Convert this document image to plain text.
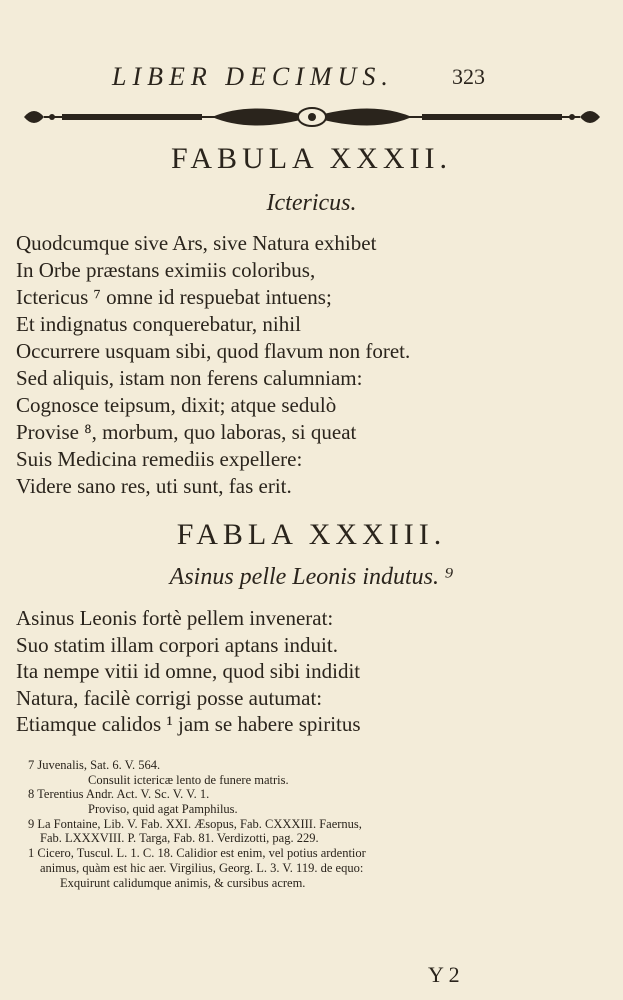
LIBER DECIMUS.	323
FABULA XXXII.
Ictericus.
Quodcumque sive Ars, sive Natura exhibet
In Orbe præstans eximiis coloribus,
Ictericus ⁷ omne id respuebat intuens;
Et indignatus conquerebatur, nihil
Occurrere usquam sibi, quod flavum non foret.
Sed aliquis, istam non ferens calumniam:
Cognosce teipsum, dixit; atque sedulò
Provise ⁸, morbum, quo laboras, si queat
Suis Medicina remediis expellere:
Videre sano res, uti sunt, fas erit.
FABLA XXXIII.
Asinus pelle Leonis indutus. ⁹
Asinus Leonis fortè pellem invenerat:
Suo statim illam corpori aptans induit.
Ita nempe vitii id omne, quod sibi indidit
Natura, facilè corrigi posse autumat:
Etiamque calidos ¹ jam se habere spiritus
7 Juvenalis, Sat. 6. V. 564.
Consulit ictericæ lento de funere matris.
8 Terentius Andr. Act. V. Sc. V. V. 1.
Proviso, quid agat Pamphilus.
9 La Fontaine, Lib. V. Fab. XXI. Æsopus, Fab. CXXXIII. Faernus,
Fab. LXXXVIII. P. Targa, Fab. 81. Verdizotti, pag. 229.
1 Cicero, Tuscul. L. 1. C. 18. Calidior est enim, vel potius ardentior
animus, quàm est hic aer. Virgilius, Georg. L. 3. V. 119. de equo:
Exquirunt calidumque animis, & cursibus acrem.
Y 2
